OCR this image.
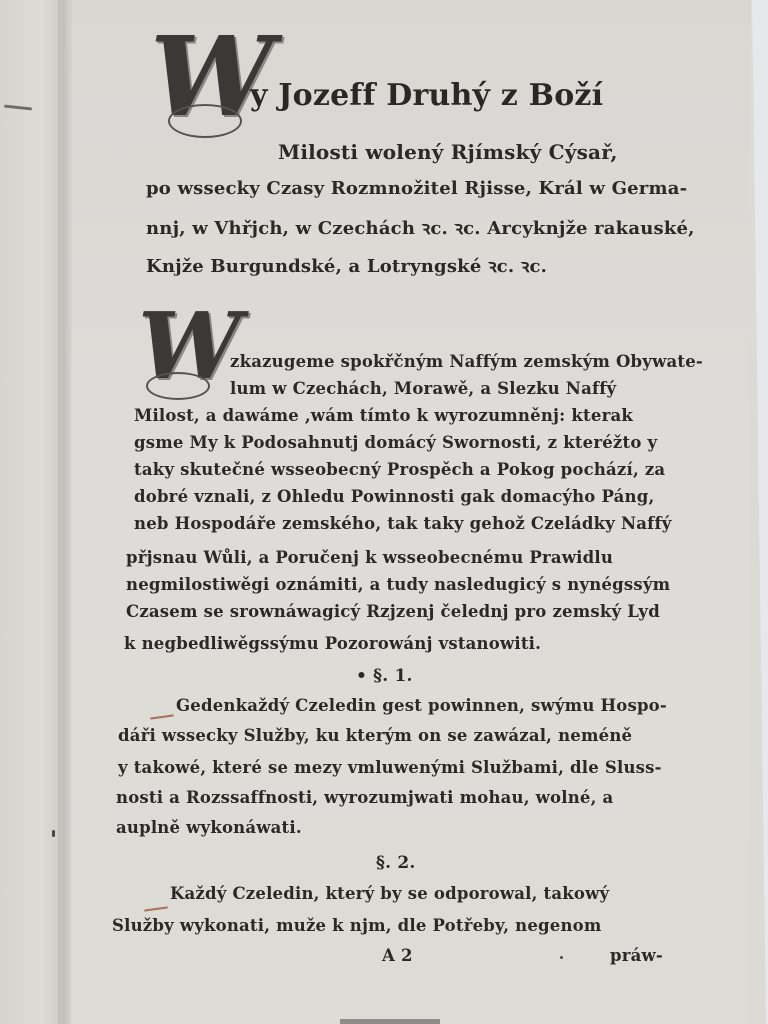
W
y Jozeff Druhý z Boží
Milosti wolený Rjímský Cýsař,
po wssecky Czasy Rozmnožitel Rjisse, Král w Germa-
nnj, w Vhřjch, w Czechách ꝛc. ꝛc. Arcyknjže rakauské,
Knjže Burgundské, a Lotryngské ꝛc. ꝛc.
W
zkazugeme spokřčným Naffým zemským Obywate-
lum w Czechách, Morawě, a Slezku Naffý
Milost, a dawáme ,wám tímto k wyrozumněnj: kterak
gsme My k Podosahnutj domácý Swornosti, z kteréžto y
taky skutečné wsseobecný Prospěch a Pokog pochází, za
dobré vznali, z Ohledu Powinnosti gak domacýho Páng,
neb Hospodáře zemského, tak taky gehož Czeládky Naffý
přjsnau Wůli, a Poručenj k wsseobecnému Prawidlu
negmilostiwěgi oznámiti, a tudy nasledugicý s nynégssým
Czasem se srownáwagicý Rzjzenj čelednj pro zemský Lyd
k negbedliwěgssýmu Pozorowánj vstanowiti.
• §. 1.
Gedenkaždý Czeledin gest powinnen, swýmu Hospo-
dáři wssecky Služby, ku kterým on se zawázal, neméně
y takowé, které se mezy vmluwenými Službami, dle Sluss-
nosti a Rozssaffnosti, wyrozumjwati mohau, wolné, a
auplně wykonáwati.
§. 2.
Každý Czeledin, který by se odporowal, takowý
Služby wykonati, muže k njm, dle Potřeby, negenom
A 2	práw-
